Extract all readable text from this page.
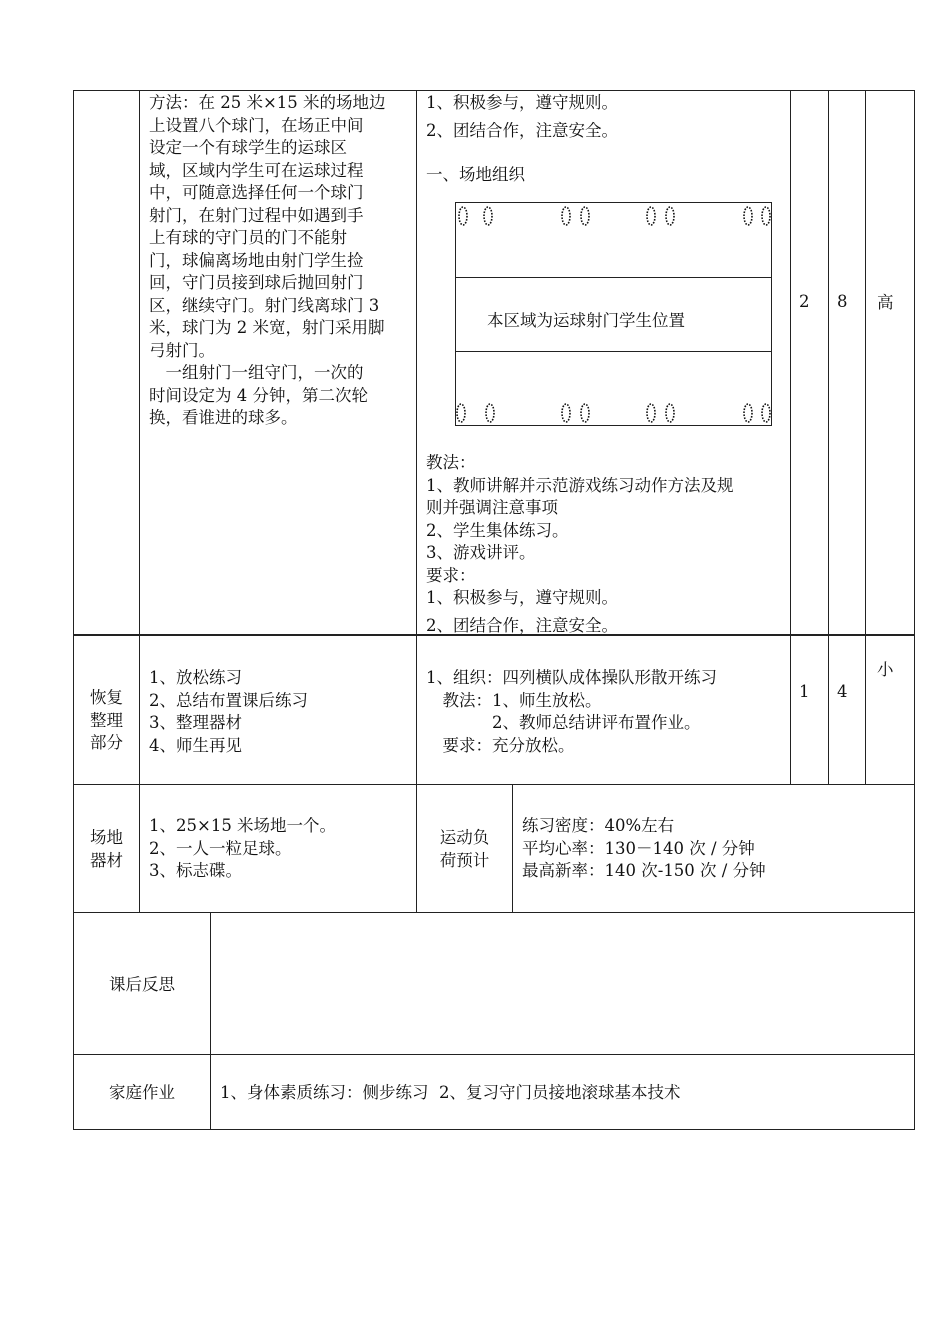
方法：在 25 米×15 米的场地边
上设置八个球门，在场正中间
设定一个有球学生的运球区
域，区域内学生可在运球过程
中，可随意选择任何一个球门
射门，在射门过程中如遇到手
上有球的守门员的门不能射
门，球偏离场地由射门学生捡
回，守门员接到球后抛回射门
区，继续守门。射门线离球门 3
米，球门为 2 米宽，射门采用脚
弓射门。
　一组射门一组守门，一次的
时间设定为 4 分钟，第二次轮
换，看谁进的球多。
1、积极参与，遵守规则。
2、团结合作，注意安全。
一、场地组织
本区域为运球射门学生位置
教法：
1、教师讲解并示范游戏练习动作方法及规
则并强调注意事项
2、学生集体练习。
3、游戏讲评。
要求：
1、积极参与，遵守规则。
2、团结合作，注意安全。
2 8 高
恢复
整理
部分
1、放松练习
2、总结布置课后练习
3、整理器材
4、师生再见
1、组织：四列横队成体操队形散开练习
　教法：1、师生放松。
　　　　2、教师总结讲评布置作业。
　要求：充分放松。
1 4
小
场地
器材
1、25×15 米场地一个。
2、一人一粒足球。
3、标志碟。
运动负
荷预计
练习密度：40%左右
平均心率：130－140 次 / 分钟
最高新率：140 次-150 次 / 分钟
课后反思
家庭作业	1、身体素质练习：侧步练习  2、复习守门员接地滚球基本技术
